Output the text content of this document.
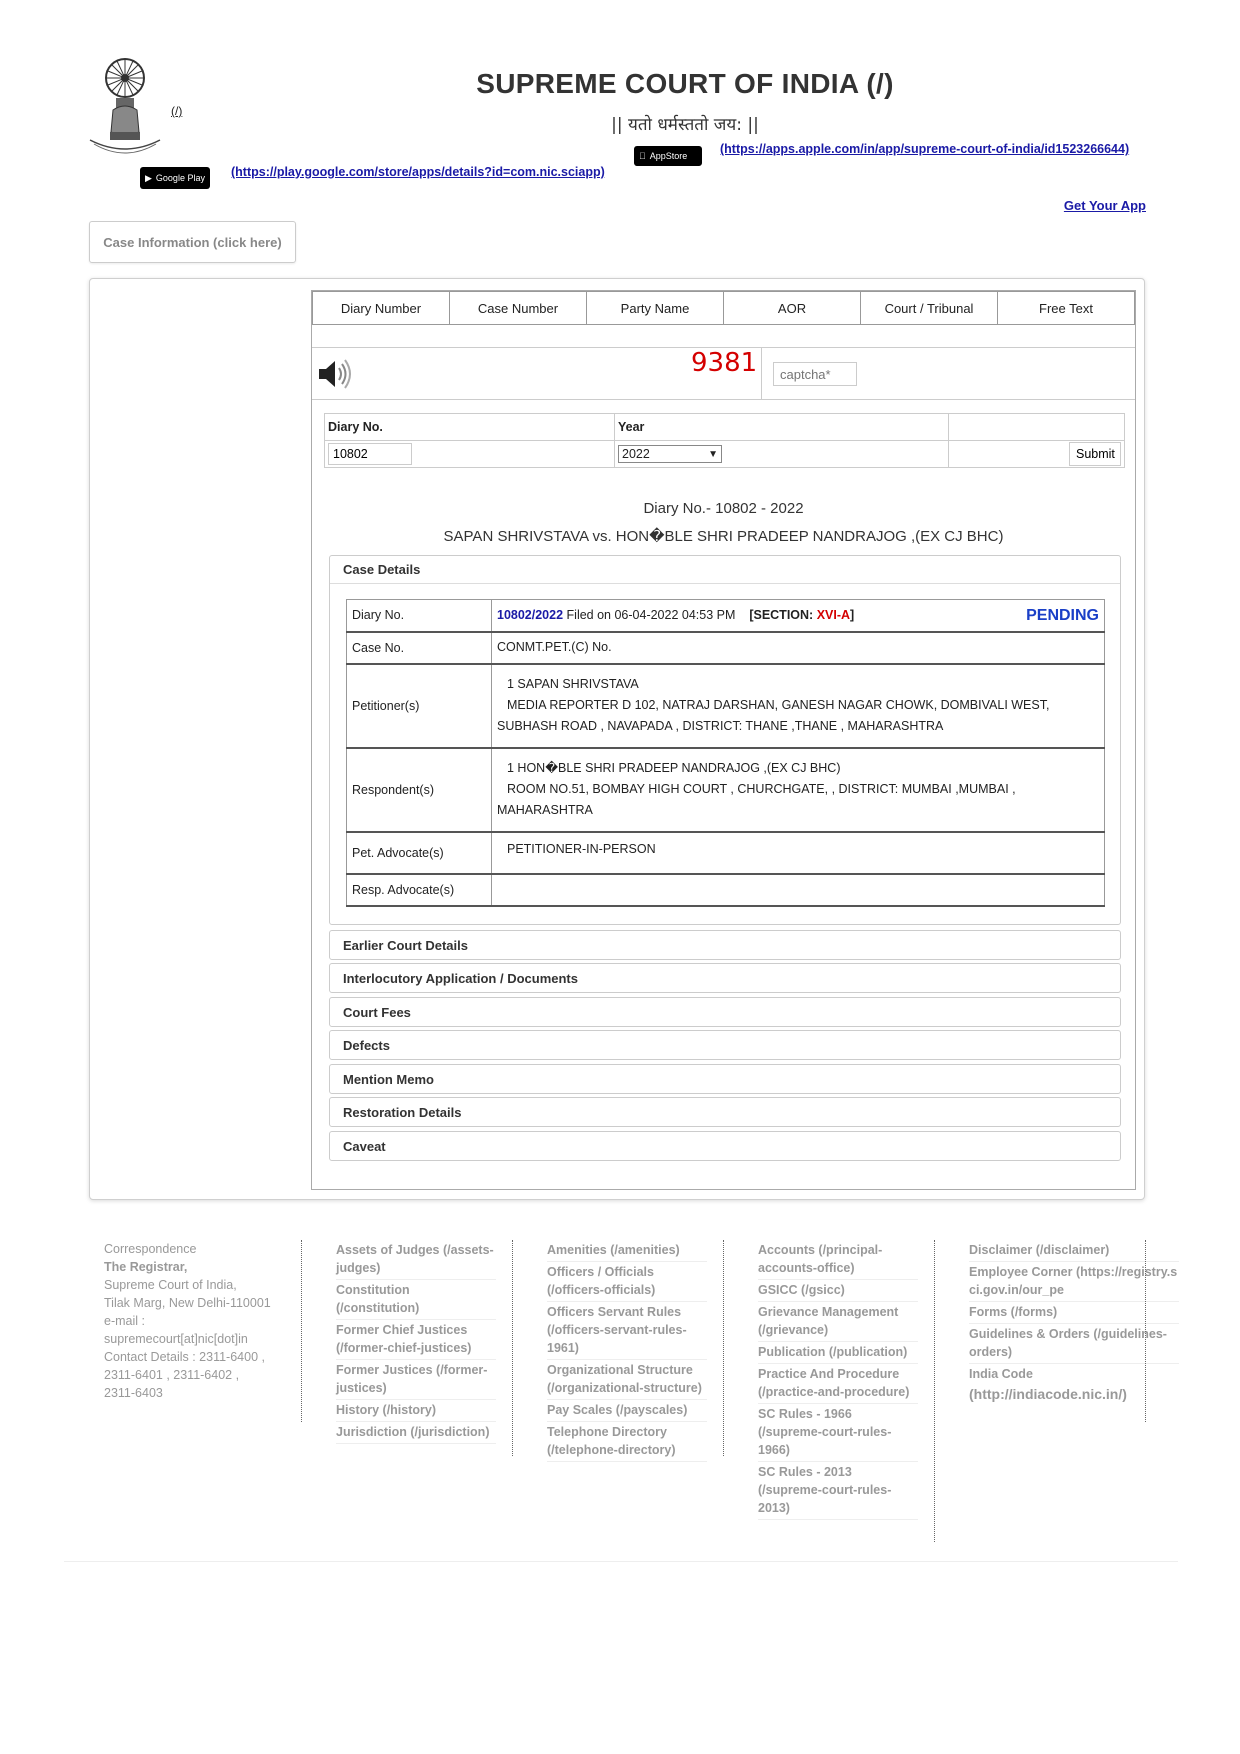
(/)
SUPREME COURT OF INDIA (/)
|| यतो धर्मस्ततो जय: ||
AppStore	(https://apps.apple.com/in/app/supreme-court-of-india/id1523266644)
▶ Google Play (https://play.google.com/store/apps/details?id=com.nic.sciapp)
Get Your App
Case Information (click here)
Diary Number	Case Number	Party Name	AOR	Court / Tribunal	Free Text
9381
captcha*
Diary No.	Year	
10802	
2022 ▼	Submit
Diary No.- 10802 - 2022
SAPAN SHRIVSTAVA vs. HON�BLE SHRI PRADEEP NANDRAJOG ,(EX CJ BHC)
Case Details
Diary No.	10802/2022 Filed on 06-04-2022 04:53 PM [SECTION: XVI-A] PENDING

Case No.	CONMT.PET.(C) No.
Petitioner(s)	1 SAPAN SHRIVSTAVA
MEDIA REPORTER D 102, NATRAJ DARSHAN, GANESH NAGAR CHOWK, DOMBIVALI WEST,
SUBHASH ROAD , NAVAPADA , DISTRICT: THANE ,THANE , MAHARASHTRA

Respondent(s)	1 HON�BLE SHRI PRADEEP NANDRAJOG ,(EX CJ BHC)
ROOM NO.51, BOMBAY HIGH COURT , CHURCHGATE, , DISTRICT: MUMBAI ,MUMBAI ,
MAHARASHTRA

Pet. Advocate(s)	PETITIONER-IN-PERSON
Resp. Advocate(s)	
Earlier Court Details
Interlocutory Application / Documents
Court Fees
Defects
Mention Memo
Restoration Details
Caveat
Correspondence
The Registrar,
Supreme Court of India,
Tilak Marg, New Delhi-110001
e-mail :
supremecourt[at]nic[dot]in
Contact Details : 2311-6400 ,
2311-6401 , 2311-6402 ,
2311-6403
Assets of Judges (/assets-judges)
Constitution (/constitution)
Former Chief Justices (/former-chief-justices)
Former Justices (/former-justices)
History (/history)
Jurisdiction (/jurisdiction)
Amenities (/amenities)
Officers / Officials (/officers-officials)
Officers Servant Rules (/officers-servant-rules-1961)
Organizational Structure (/organizational-structure)
Pay Scales (/payscales)
Telephone Directory (/telephone-directory)
Accounts (/principal-accounts-office)
GSICC (/gsicc)
Grievance Management (/grievance)
Publication (/publication)
Practice And Procedure (/practice-and-procedure)
SC Rules - 1966 (/supreme-court-rules-1966)
SC Rules - 2013 (/supreme-court-rules-2013)
Disclaimer (/disclaimer)
Employee Corner (https://registry.sci.gov.in/our_pe
Forms (/forms)
Guidelines & Orders (/guidelines-orders)
India Code
(http://indiacode.nic.in/)
